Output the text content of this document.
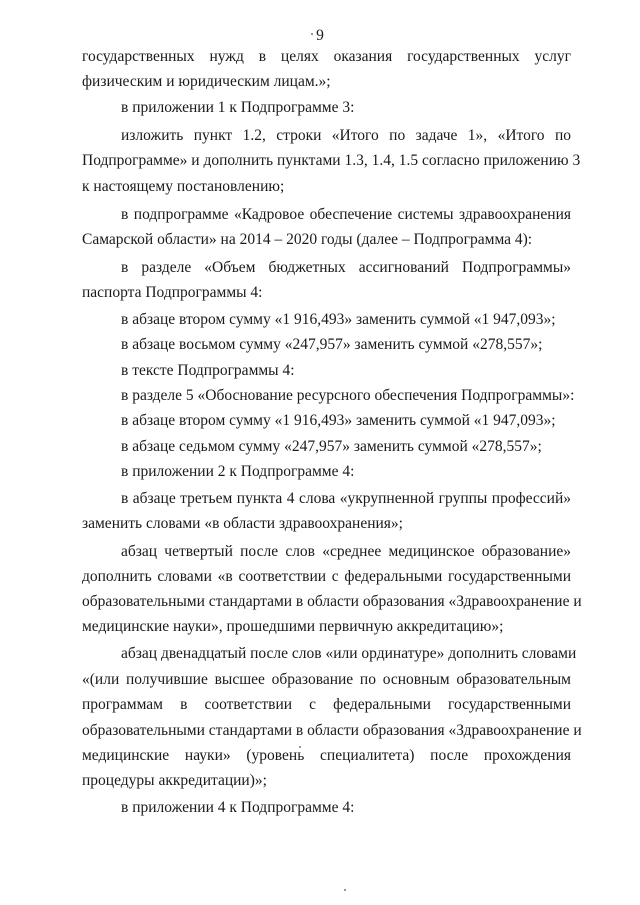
9
государственных нужд в целях оказания государственных услуг
физическим и юридическим лицам.»;
в приложении 1 к Подпрограмме 3:
изложить пункт 1.2, строки «Итого по задаче 1», «Итого по
Подпрограмме» и дополнить пунктами 1.3, 1.4, 1.5 согласно приложению 3
к настоящему постановлению;
в подпрограмме «Кадровое обеспечение системы здравоохранения
Самарской области» на 2014 – 2020 годы (далее – Подпрограмма 4):
в разделе «Объем бюджетных ассигнований Подпрограммы»
паспорта Подпрограммы 4:
в абзаце втором сумму «1 916,493» заменить суммой «1 947,093»;
в абзаце восьмом сумму «247,957» заменить суммой «278,557»;
в тексте Подпрограммы 4:
в разделе 5 «Обоснование ресурсного обеспечения Подпрограммы»:
в абзаце втором сумму «1 916,493» заменить суммой «1 947,093»;
в абзаце седьмом сумму «247,957» заменить суммой «278,557»;
в приложении 2 к Подпрограмме 4:
в абзаце третьем пункта 4 слова «укрупненной группы профессий»
заменить словами «в области здравоохранения»;
абзац четвертый после слов «среднее медицинское образование»
дополнить словами «в соответствии с федеральными государственными
образовательными стандартами в области образования «Здравоохранение и
медицинские науки», прошедшими первичную аккредитацию»;
абзац двенадцатый после слов «или ординатуре» дополнить словами
«(или получившие высшее образование по основным образовательным
программам в соответствии с федеральными государственными
образовательными стандартами в области образования «Здравоохранение и
медицинские науки» (уровень специалитета) после прохождения
процедуры аккредитации)»;
в приложении 4 к Подпрограмме 4:
